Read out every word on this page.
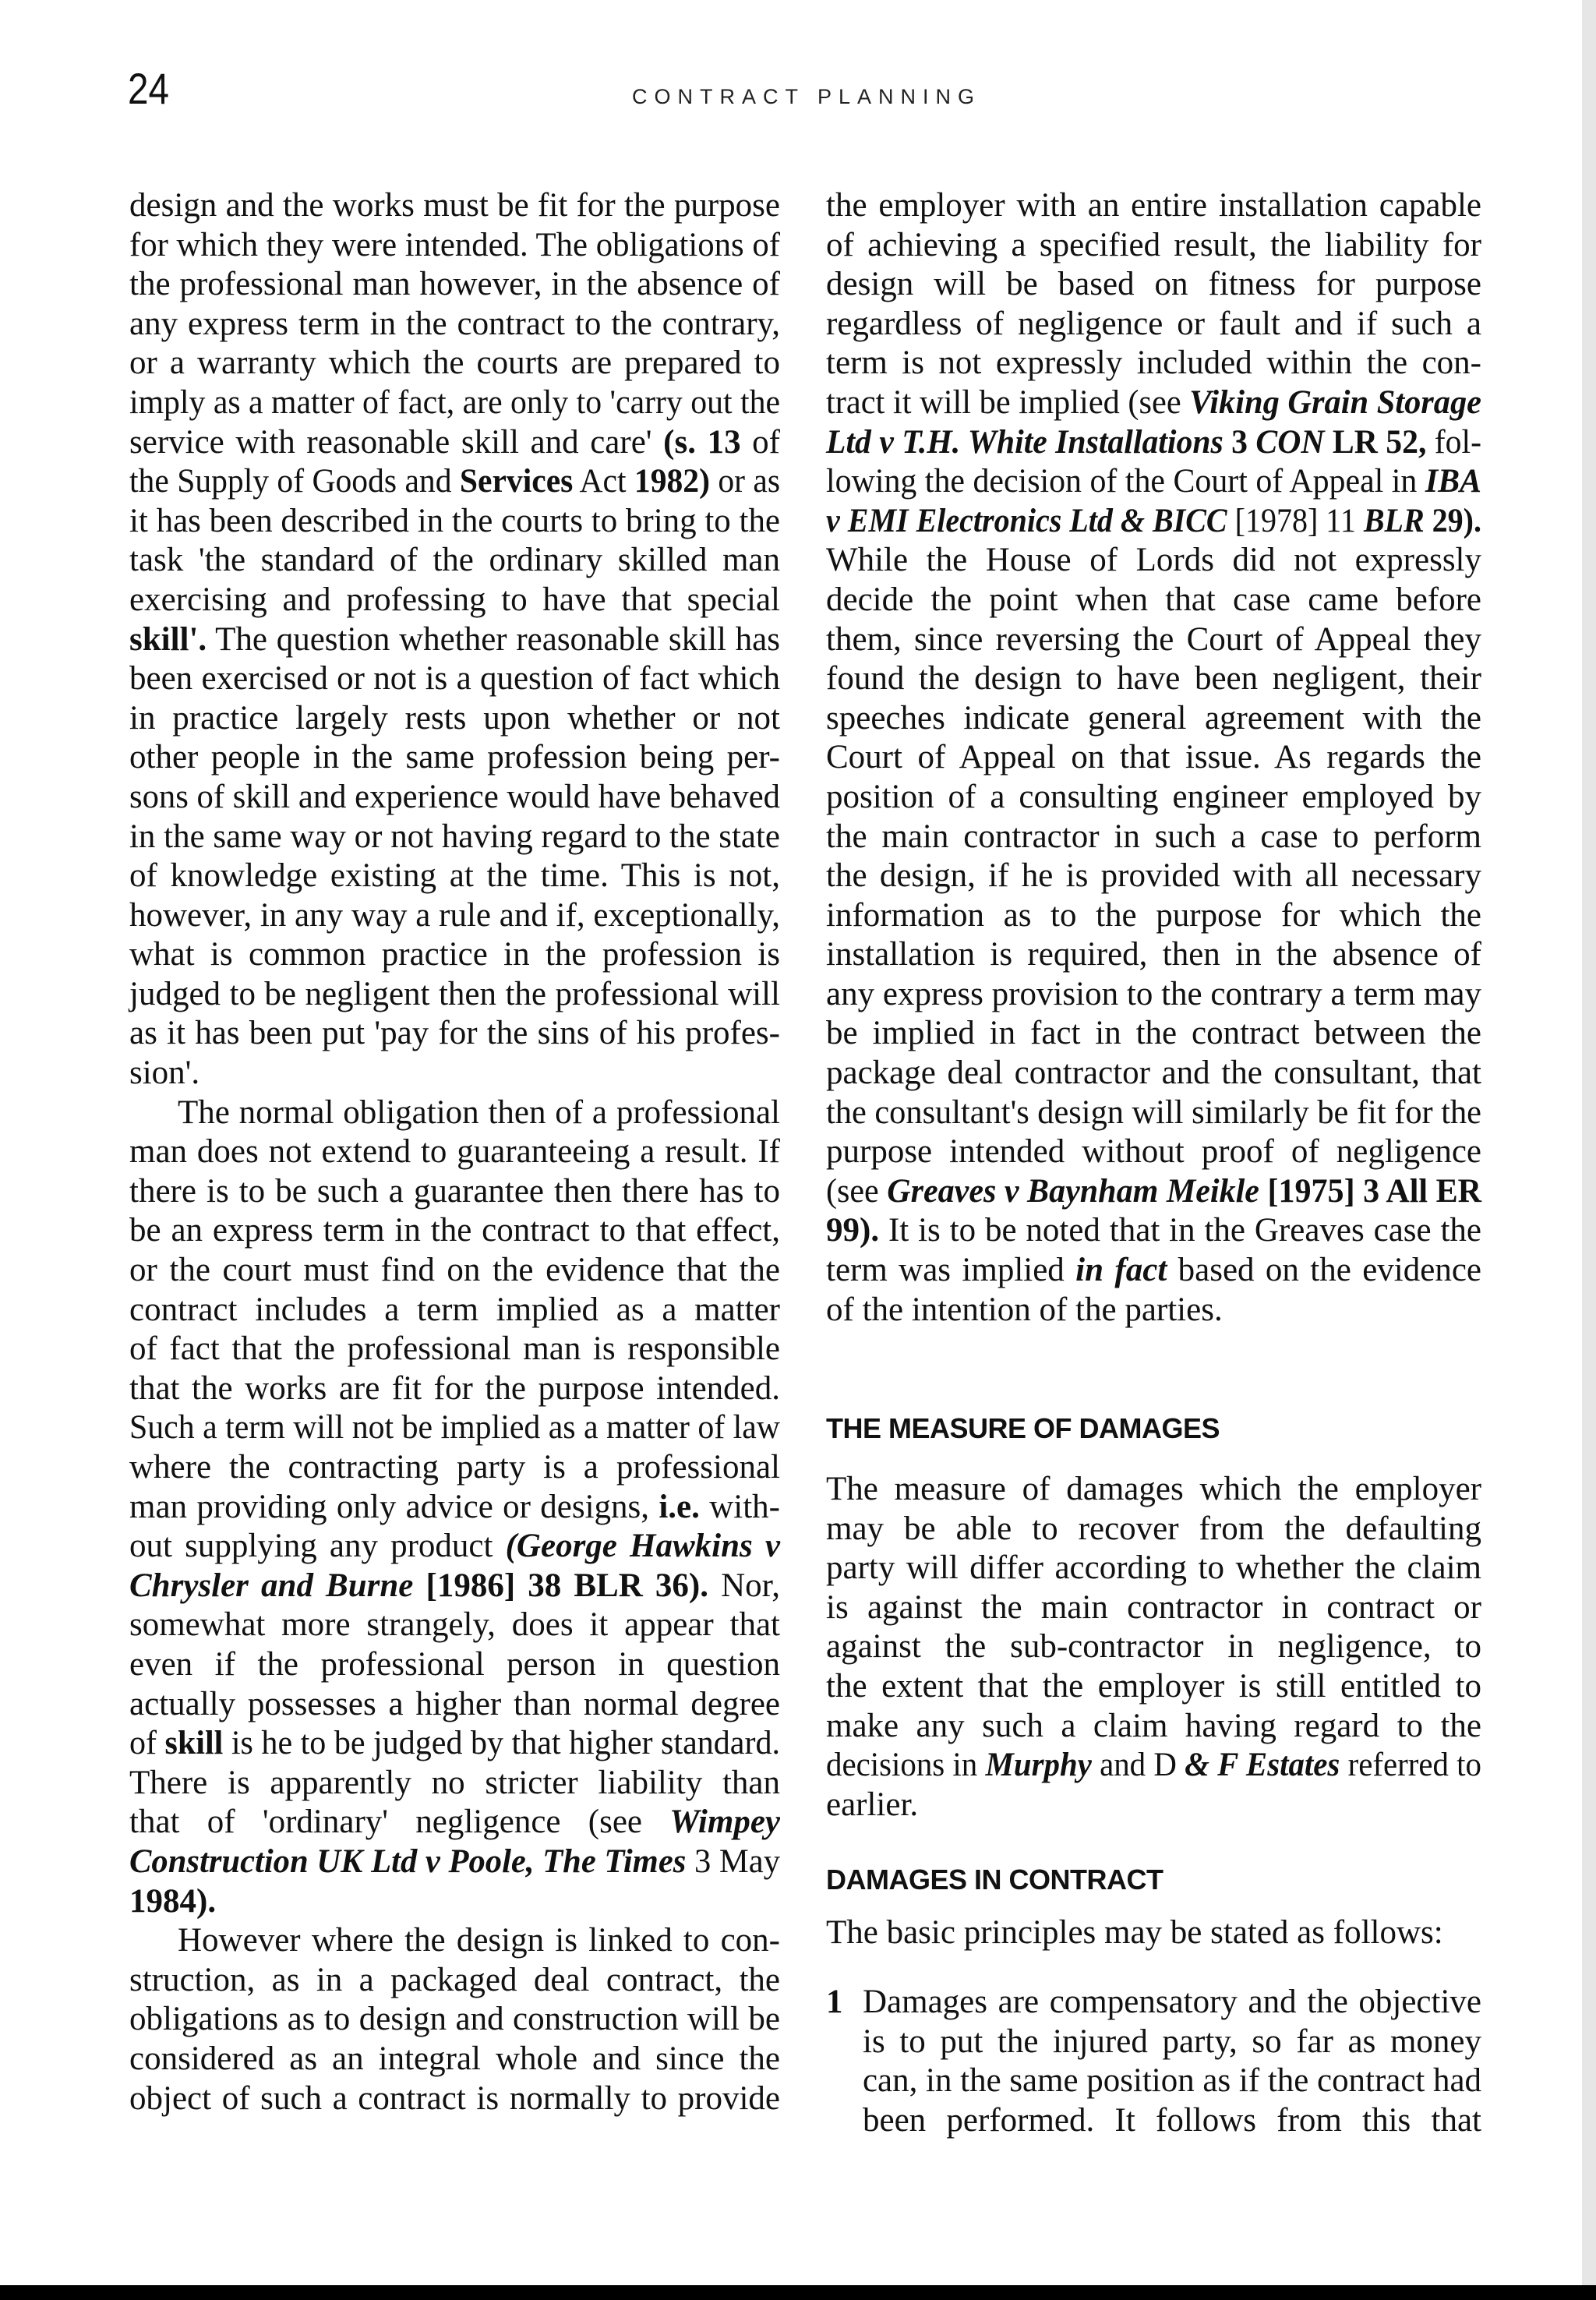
24	CONTRACT PLANNING
design and the works must be fit for the purpose
for which they were intended. The obligations of
the professional man however, in the absence of
any express term in the contract to the contrary,
or a warranty which the courts are prepared to
imply as a matter of fact, are only to 'carry out the
service with reasonable skill and care' (s. 13 of
the Supply of Goods and Services Act 1982) or as
it has been described in the courts to bring to the
task 'the standard of the ordinary skilled man
exercising and professing to have that special
skill'. The question whether reasonable skill has
been exercised or not is a question of fact which
in practice largely rests upon whether or not
other people in the same profession being per-
sons of skill and experience would have behaved
in the same way or not having regard to the state
of knowledge existing at the time. This is not,
however, in any way a rule and if, exceptionally,
what is common practice in the profession is
judged to be negligent then the professional will
as it has been put 'pay for the sins of his profes-
sion'.
The normal obligation then of a professional
man does not extend to guaranteeing a result. If
there is to be such a guarantee then there has to
be an express term in the contract to that effect,
or the court must find on the evidence that the
contract includes a term implied as a matter
of fact that the professional man is responsible
that the works are fit for the purpose intended.
Such a term will not be implied as a matter of law
where the contracting party is a professional
man providing only advice or designs, i.e. with-
out supplying any product (George Hawkins v
Chrysler and Burne [1986] 38 BLR 36). Nor,
somewhat more strangely, does it appear that
even if the professional person in question
actually possesses a higher than normal degree
of skill is he to be judged by that higher standard.
There is apparently no stricter liability than
that of 'ordinary' negligence (see Wimpey
Construction UK Ltd v Poole, The Times 3 May
1984).
However where the design is linked to con-
struction, as in a packaged deal contract, the
obligations as to design and construction will be
considered as an integral whole and since the
object of such a contract is normally to provide
the employer with an entire installation capable
of achieving a specified result, the liability for
design will be based on fitness for purpose
regardless of negligence or fault and if such a
term is not expressly included within the con-
tract it will be implied (see Viking Grain Storage
Ltd v T.H. White Installations 3 CON LR 52, fol-
lowing the decision of the Court of Appeal in IBA
v EMI Electronics Ltd & BICC [1978] 11 BLR 29).
While the House of Lords did not expressly
decide the point when that case came before
them, since reversing the Court of Appeal they
found the design to have been negligent, their
speeches indicate general agreement with the
Court of Appeal on that issue. As regards the
position of a consulting engineer employed by
the main contractor in such a case to perform
the design, if he is provided with all necessary
information as to the purpose for which the
installation is required, then in the absence of
any express provision to the contrary a term may
be implied in fact in the contract between the
package deal contractor and the consultant, that
the consultant's design will similarly be fit for the
purpose intended without proof of negligence
(see Greaves v Baynham Meikle [1975] 3 All ER
99). It is to be noted that in the Greaves case the
term was implied in fact based on the evidence
of the intention of the parties.
THE MEASURE OF DAMAGES
The measure of damages which the employer
may be able to recover from the defaulting
party will differ according to whether the claim
is against the main contractor in contract or
against the sub-contractor in negligence, to
the extent that the employer is still entitled to
make any such a claim having regard to the
decisions in Murphy and D & F Estates referred to
earlier.
DAMAGES IN CONTRACT
The basic principles may be stated as follows:
1 Damages are compensatory and the objective
is to put the injured party, so far as money
can, in the same position as if the contract had
been performed. It follows from this that
